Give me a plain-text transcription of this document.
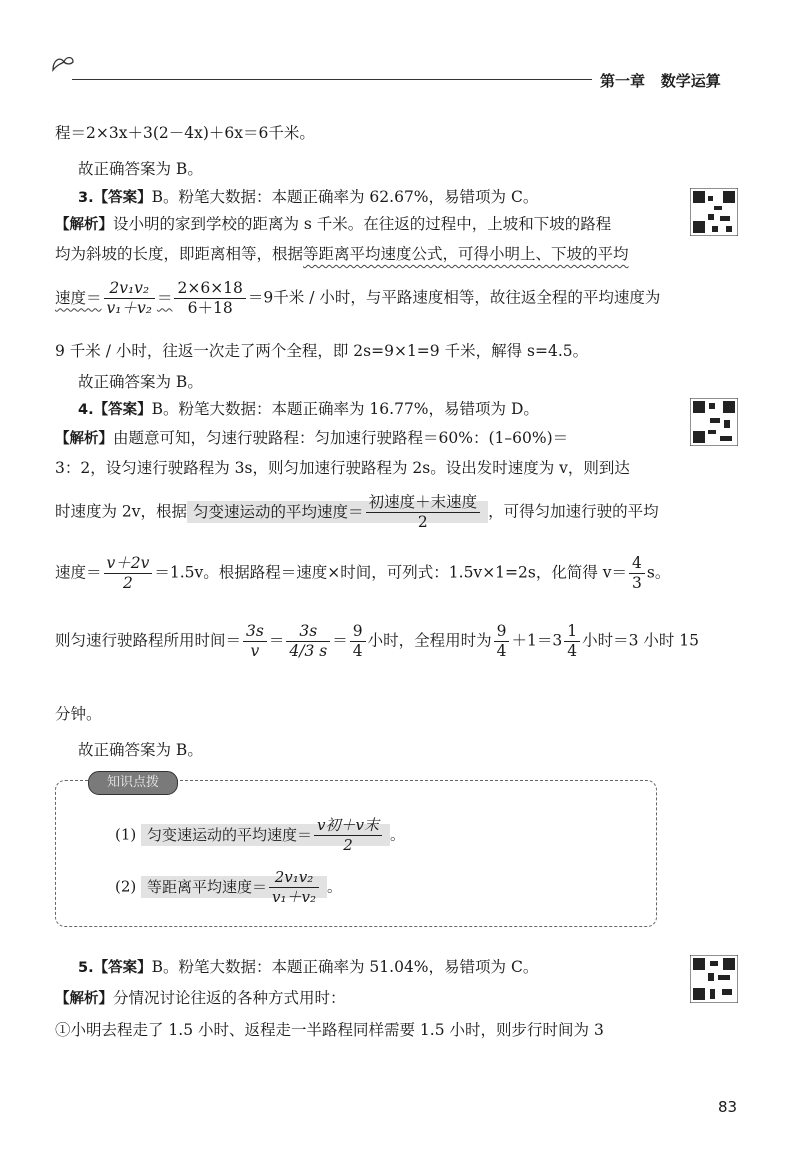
第一章 数学运算
程＝2×3x＋3(2－4x)＋6x＝6千米。
故正确答案为 B。
3.【答案】B。粉笔大数据：本题正确率为 62.67%，易错项为 C。
【解析】设小明的家到学校的距离为 s 千米。在往返的过程中，上坡和下坡的路程
均为斜坡的长度，即距离相等，根据等距离平均速度公式，可得小明上、下坡的平均
速度＝ $\frac{\text{2v₁v₂}}{\text{v₁＋v₂}} = \frac{2\times 6\times 18}{6+18} =9$千米 / 小时，与平路速度相等，故往返全程的平均速度为
9 千米 / 小时，往返一次走了两个全程，即 2s=9×1=9 千米，解得 s=4.5。
故正确答案为 B。
4.【答案】B。粉笔大数据：本题正确率为 16.77%，易错项为 D。
【解析】由题意可知，匀速行驶路程：匀加速行驶路程＝60%：(1–60%)＝
3：2，设匀速行驶路程为 3s，则匀加速行驶路程为 2s。设出发时速度为 v，则到达
时速度为 2v，根据 匀变速运动的平均速度＝ $\frac{\text{初速度＋末速度}}{2}$ ，可得匀加速行驶的平均
速度＝ $\frac{v+2v}{2} =1.5v$。根据路程＝速度×时间，可列式：1.5v×1=2s，化简得 $v= \frac{4}{3}$ s。
则匀速行驶路程所用时间＝ $\frac{3s}{v} = \frac{3s}{4/3 s} = \frac{9}{4}$ 小时，全程用时为 $\frac{9}{4} +1=3 \frac{1}{4}$ 小时＝3 小时 15
分钟。
故正确答案为 B。
知识点拨
(1) 匀变速运动的平均速度＝ $\frac{\text{v初＋v末}}{2}$ 。
(2) 等距离平均速度＝ $\frac{\text{2v₁v₂}}{\text{v₁＋v₂}}$ 。
5.【答案】B。粉笔大数据：本题正确率为 51.04%，易错项为 C。
【解析】分情况讨论往返的各种方式用时：
①小明去程走了 1.5 小时、返程走一半路程同样需要 1.5 小时，则步行时间为 3
83
